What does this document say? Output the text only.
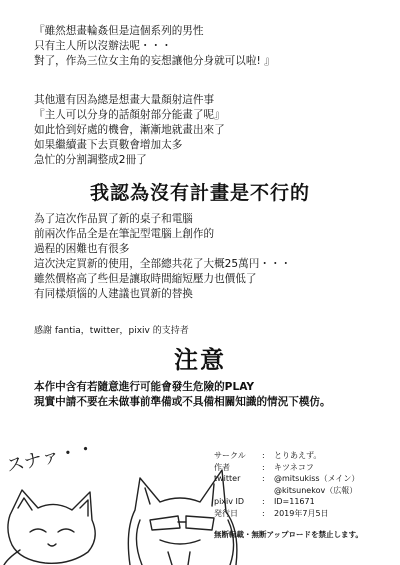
『雖然想畫輪姦但是這個系列的男性
只有主人所以沒辦法呢・・・
對了，作為三位女主角的妄想讓他分身就可以啦! 』
其他還有因為總是想畫大量顏射這件事
『主人可以分身的話顏射部分能畫了呢』
如此恰到好處的機會，漸漸地就畫出來了
如果繼續畫下去頁數會增加太多
急忙的分割調整成2冊了
我認為沒有計畫是不行的
為了這次作品買了新的桌子和電腦
前兩次作品全是在筆記型電腦上創作的
過程的困難也有很多
這次決定買新的使用，全部總共花了大概25萬円・・・
雖然價格高了些但是讓取時間縮短壓力也價低了
有同樣煩惱的人建議也買新的替換
感謝 fantia，twitter，pixiv 的支持者
注意
本作中含有若隨意進行可能會發生危險的PLAY
現實中請不要在未做事前準備或不具備相關知識的情況下模仿。
スナァ・・	サークル	:	とりあえず。
作者	:	キツネコフ
twitter	:	@mitsukiss（メイン）
@kitsunekov（広報）
pixiv ID	:	ID=11671
発行日	:	2019年7月5日
無断転載・無断アップロードを禁止します。
